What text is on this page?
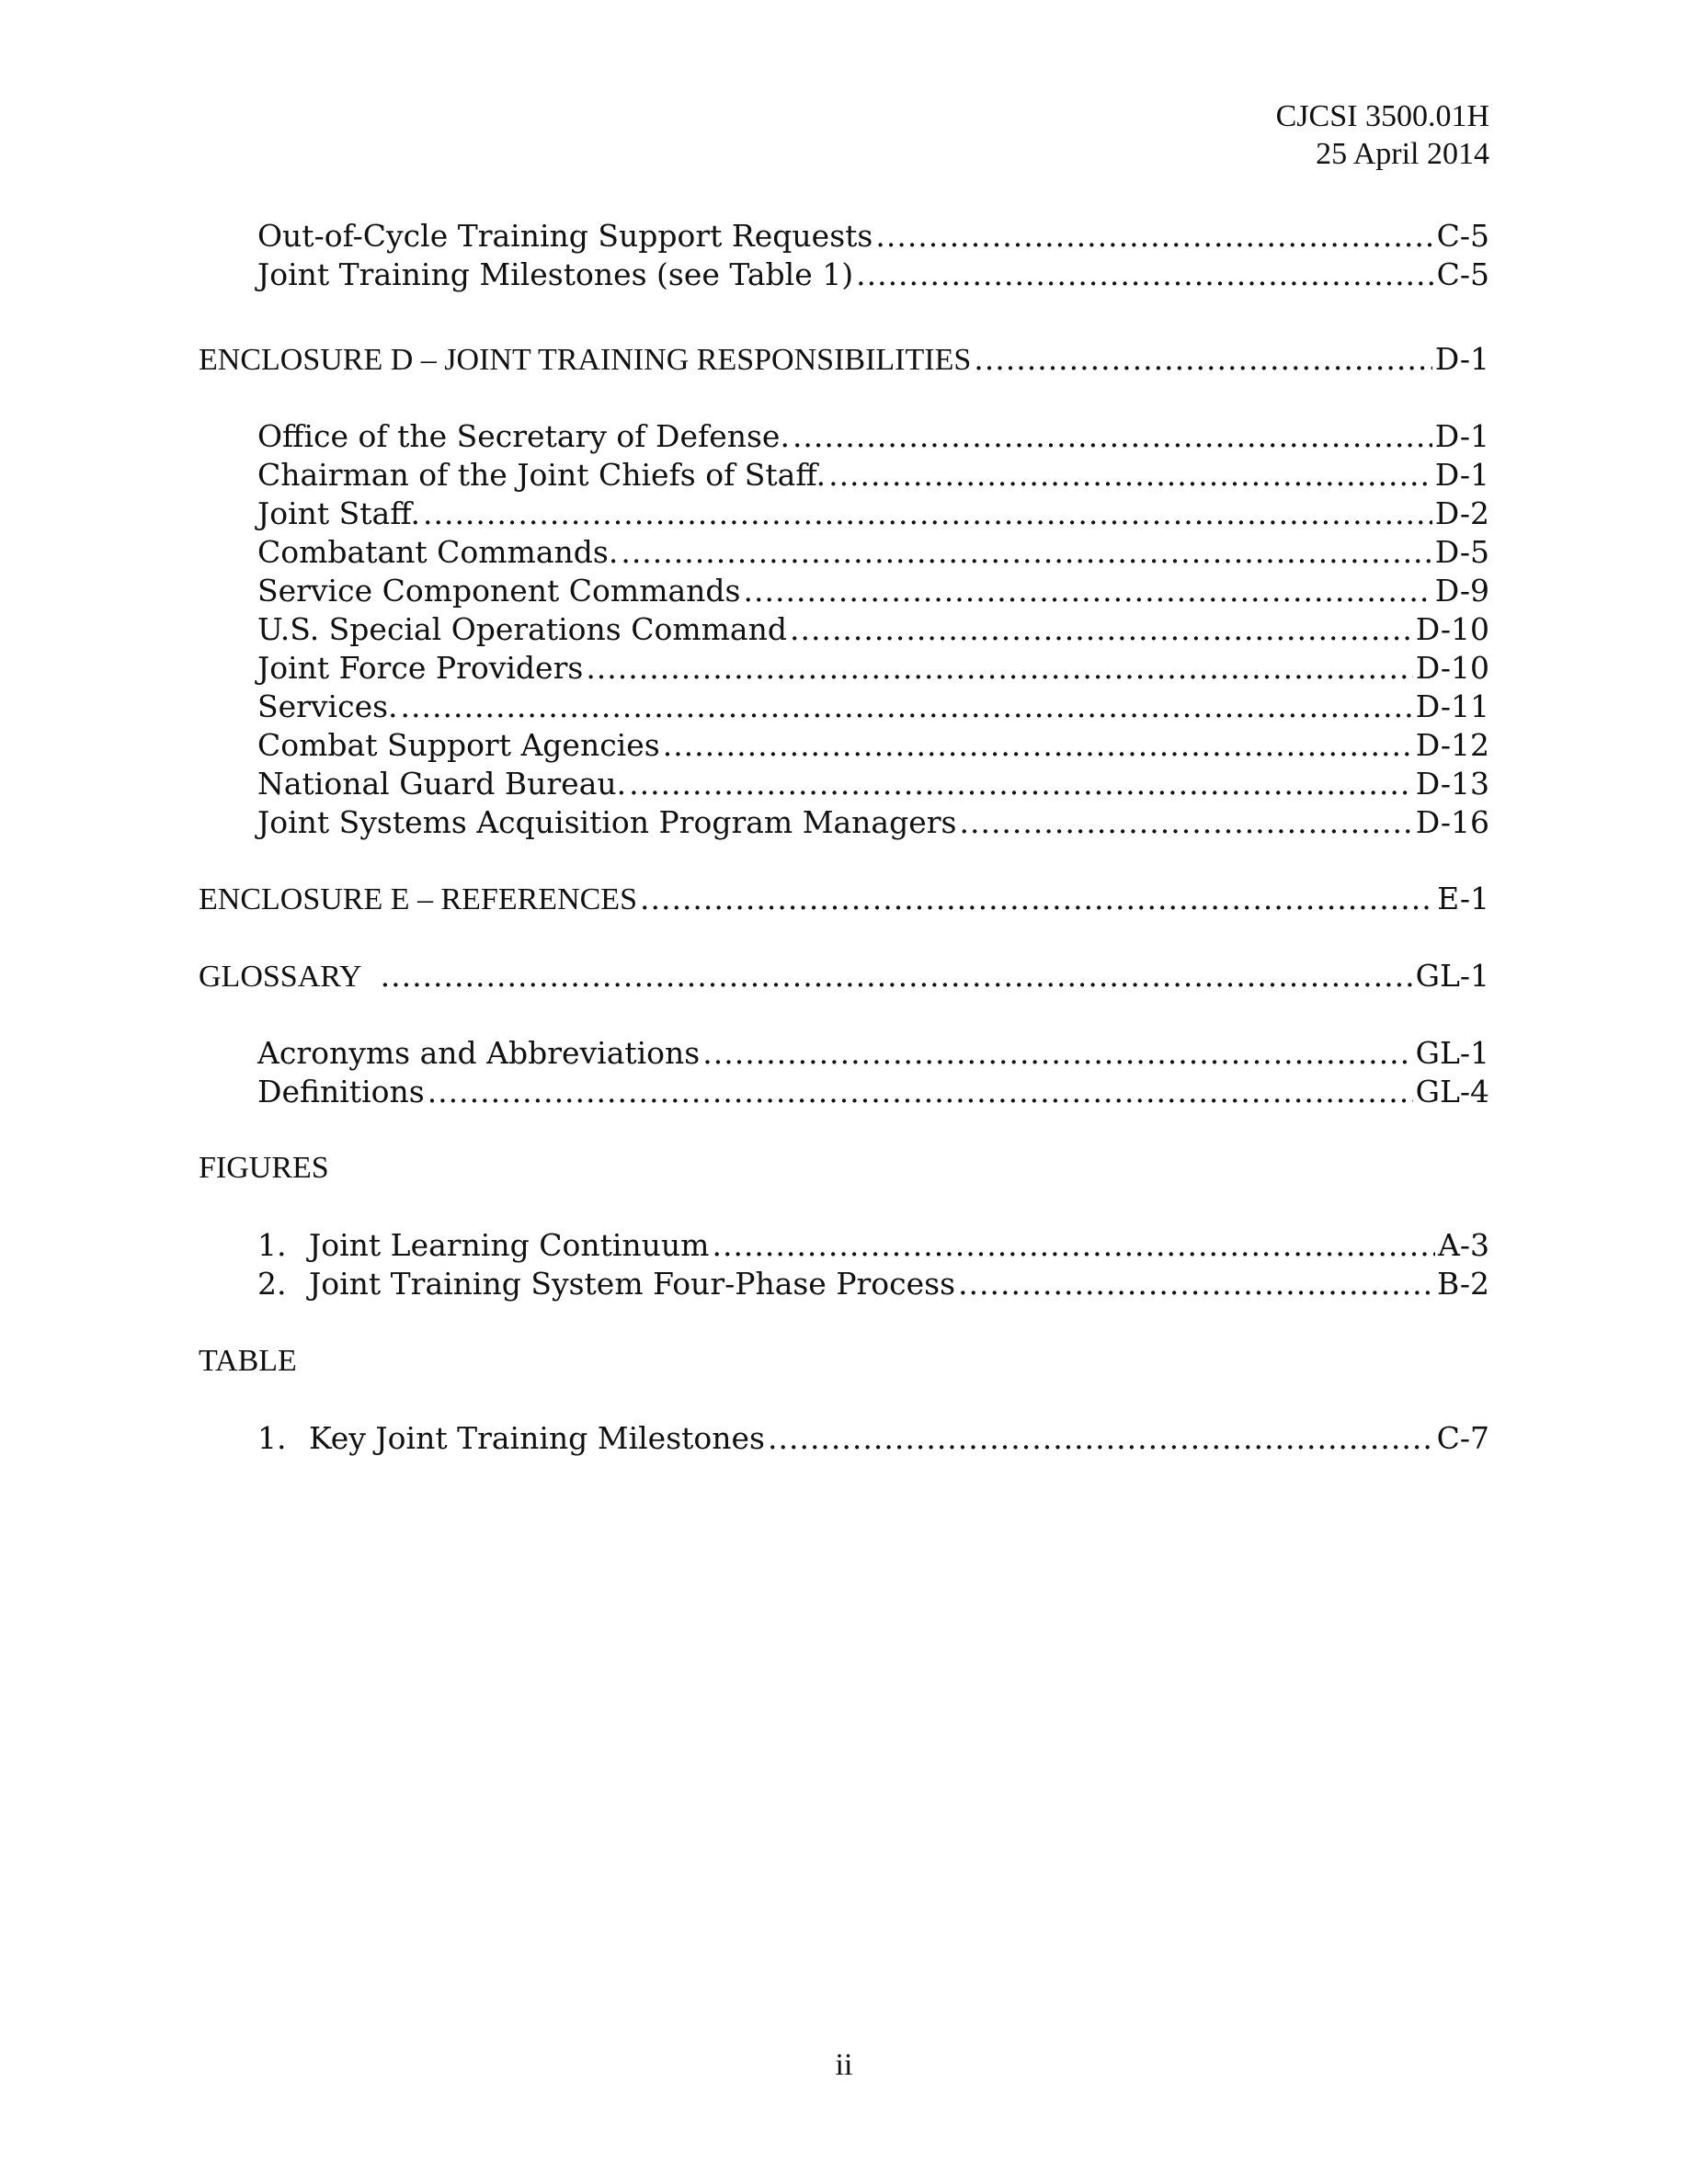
CJCSI 3500.01H
25 April 2014
Out-of-Cycle Training Support Requests .....	C-5
Joint Training Milestones (see Table 1) .....	C-5
ENCLOSURE D – JOINT TRAINING RESPONSIBILITIES .....	D-1
Office of the Secretary of Defense. .....	D-1
Chairman of the Joint Chiefs of Staff. .....	D-1
Joint Staff. .....	D-2
Combatant Commands. .....	D-5
Service Component Commands .....	D-9
U.S. Special Operations Command .....	D-10
Joint Force Providers .....	D-10
Services. .....	D-11
Combat Support Agencies .....	D-12
National Guard Bureau. .....	D-13
Joint Systems Acquisition Program Managers .....	D-16
ENCLOSURE E – REFERENCES .....	E-1
GLOSSARY .....	GL-1
Acronyms and Abbreviations .....	GL-1
Definitions .....	GL-4
FIGURES
1. Joint Learning Continuum .....	A-3
2. Joint Training System Four-Phase Process .....	B-2
TABLE
1. Key Joint Training Milestones .....	C-7
ii
